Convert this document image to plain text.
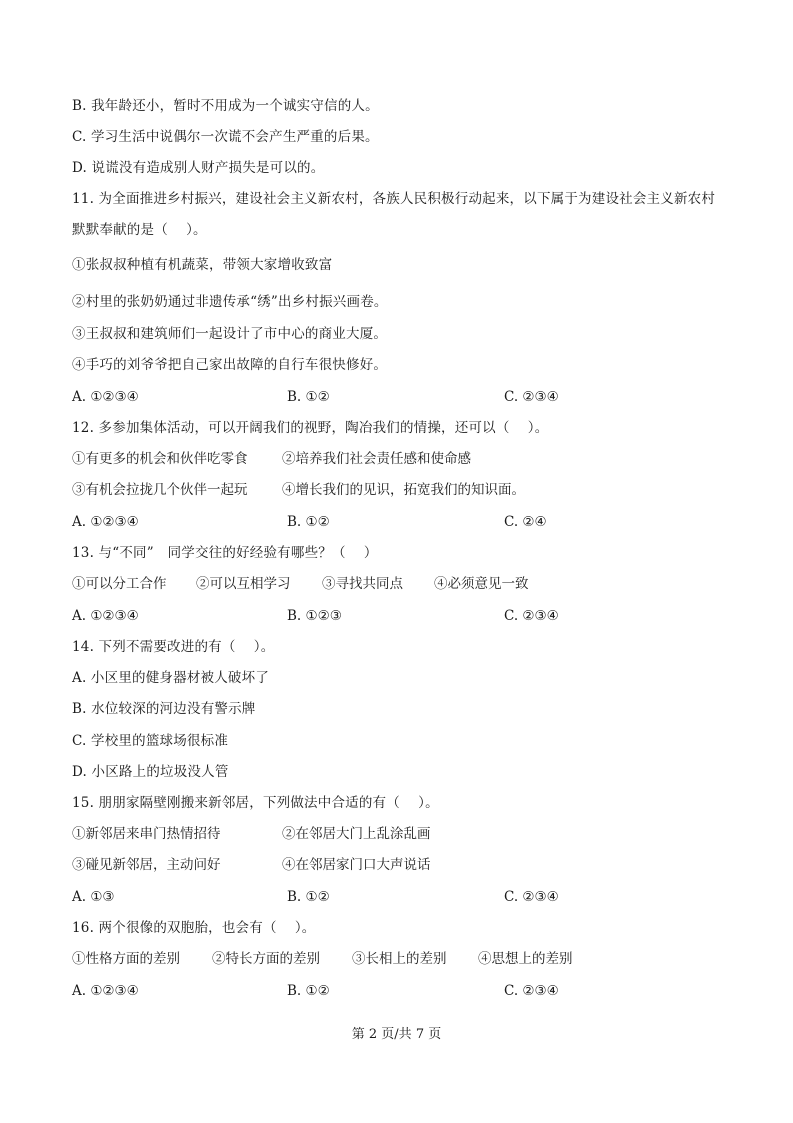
B. 我年龄还小，暂时不用成为一个诚实守信的人。
C. 学习生活中说偶尔一次谎不会产生严重的后果。
D. 说谎没有造成别人财产损失是可以的。
11. 为全面推进乡村振兴，建设社会主义新农村，各族人民积极行动起来，以下属于为建设社会主义新农村
默默奉献的是（　 ）。
①张叔叔种植有机蔬菜，带领大家增收致富
②村里的张奶奶通过非遗传承“绣”出乡村振兴画卷。
③王叔叔和建筑师们一起设计了市中心的商业大厦。
④手巧的刘爷爷把自己家出故障的自行车很快修好。
A. ①②③④	B. ①②	C. ②③④
12. 多参加集体活动，可以开阔我们的视野，陶冶我们的情操，还可以（　 ）。
①有更多的机会和伙伴吃零食	②培养我们社会责任感和使命感
③有机会拉拢几个伙伴一起玩	④增长我们的见识，拓宽我们的知识面。
A. ①②③④	B. ①②	C. ②④
13. 与“不同”　同学交往的好经验有哪些？（　 ）
①可以分工合作 ②可以互相学习 ③寻找共同点 ④必须意见一致
A. ①②③④	B. ①②③	C. ②③④
14. 下列不需要改进的有（　 ）。
A. 小区里的健身器材被人破坏了
B. 水位较深的河边没有警示牌
C. 学校里的篮球场很标准
D. 小区路上的垃圾没人管
15. 朋朋家隔壁刚搬来新邻居，下列做法中合适的有（　 ）。
①新邻居来串门热情招待	②在邻居大门上乱涂乱画
③碰见新邻居，主动问好	④在邻居家门口大声说话
A. ①③	B. ①②	C. ②③④
16. 两个很像的双胞胎，也会有（　 ）。
①性格方面的差别 ②特长方面的差别 ③长相上的差别 ④思想上的差别
A. ①②③④	B. ①②	C. ②③④
第 2 页/共 7 页
